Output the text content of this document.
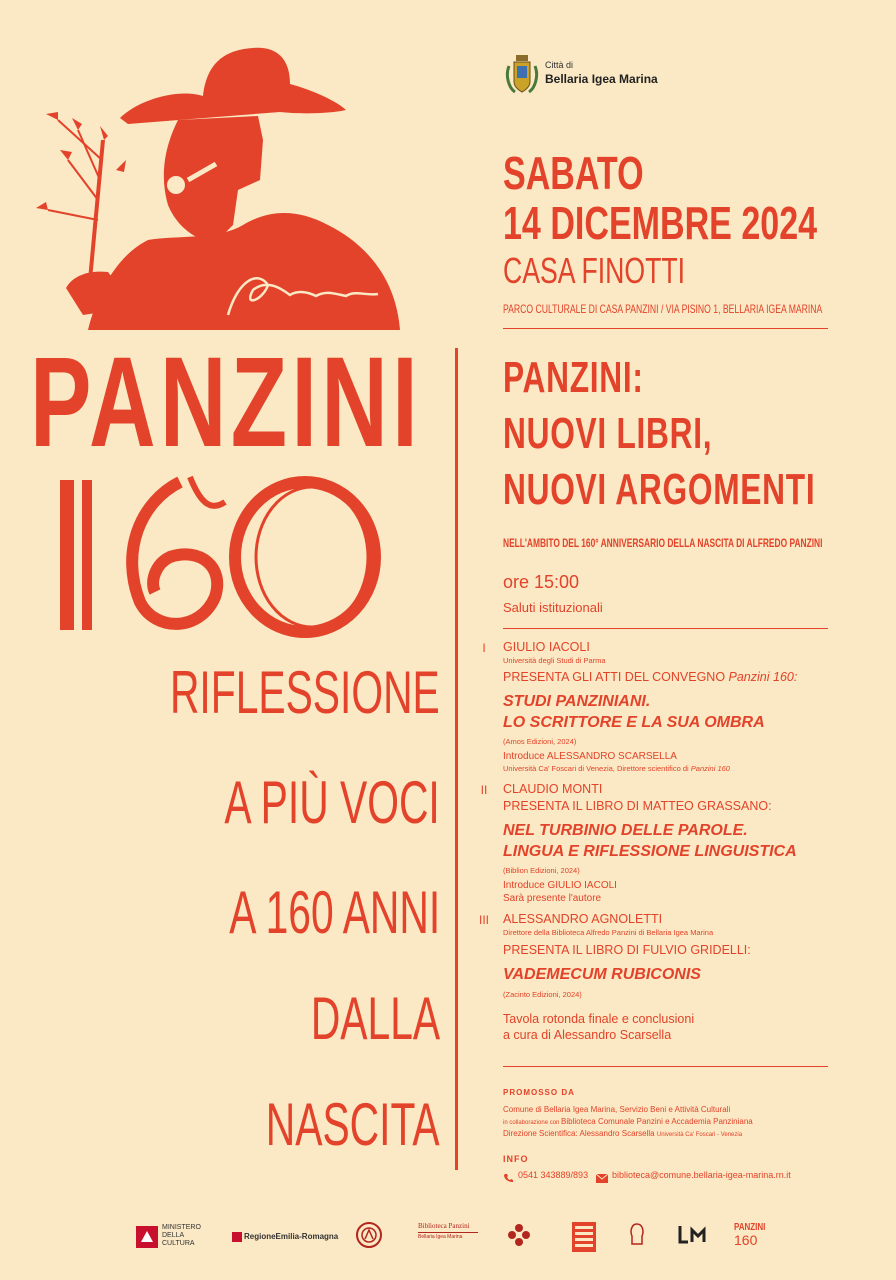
PANZINI
160
RIFLESSIONE
A PIÙ VOCI
A 160 ANNI
DALLA
NASCITA
Città di
Bellaria Igea Marina
SABATO
14 DICEMBRE 2024
CASA FINOTTI
PARCO CULTURALE DI CASA PANZINI / VIA PISINO 1, BELLARIA IGEA MARINA
PANZINI:
NUOVI LIBRI,
NUOVI ARGOMENTI
NELL'AMBITO DEL 160° ANNIVERSARIO DELLA NASCITA DI ALFREDO PANZINI
ore 15:00
Saluti istituzionali
I	GIULIO IACOLI
Università degli Studi di Parma
PRESENTA GLI ATTI DEL CONVEGNO Panzini 160:
STUDI PANZINIANI.
LO SCRITTORE E LA SUA OMBRA
(Amos Edizioni, 2024)
Introduce ALESSANDRO SCARSELLA
Università Ca' Foscari di Venezia, Direttore scientifico di Panzini 160
II	CLAUDIO MONTI
PRESENTA IL LIBRO DI MATTEO GRASSANO:
NEL TURBINIO DELLE PAROLE.
LINGUA E RIFLESSIONE LINGUISTICA
(Biblion Edizioni, 2024)
Introduce GIULIO IACOLI
Sarà presente l'autore
III	ALESSANDRO AGNOLETTI
Direttore della Biblioteca Alfredo Panzini di Bellaria Igea Marina
PRESENTA IL LIBRO DI FULVIO GRIDELLI:
VADEMECUM RUBICONIS
(Zacinto Edizioni, 2024)
Tavola rotonda finale e conclusioni
a cura di Alessandro Scarsella
PROMOSSO DA
Comune di Bellaria Igea Marina, Servizio Beni e Attività Culturali
in collaborazione con Biblioteca Comunale Panzini e Accademia Panziniana
Direzione Scientifica: Alessandro Scarsella Università Ca' Foscari - Venezia
INFO
0541 343889/893	biblioteca@comune.bellaria-igea-marina.rn.it
MINISTERO
DELLA
CULTURA
RegioneEmilia-Romagna
Biblioteca Panzini
Bellaria Igea Marina
PANZINI
160
